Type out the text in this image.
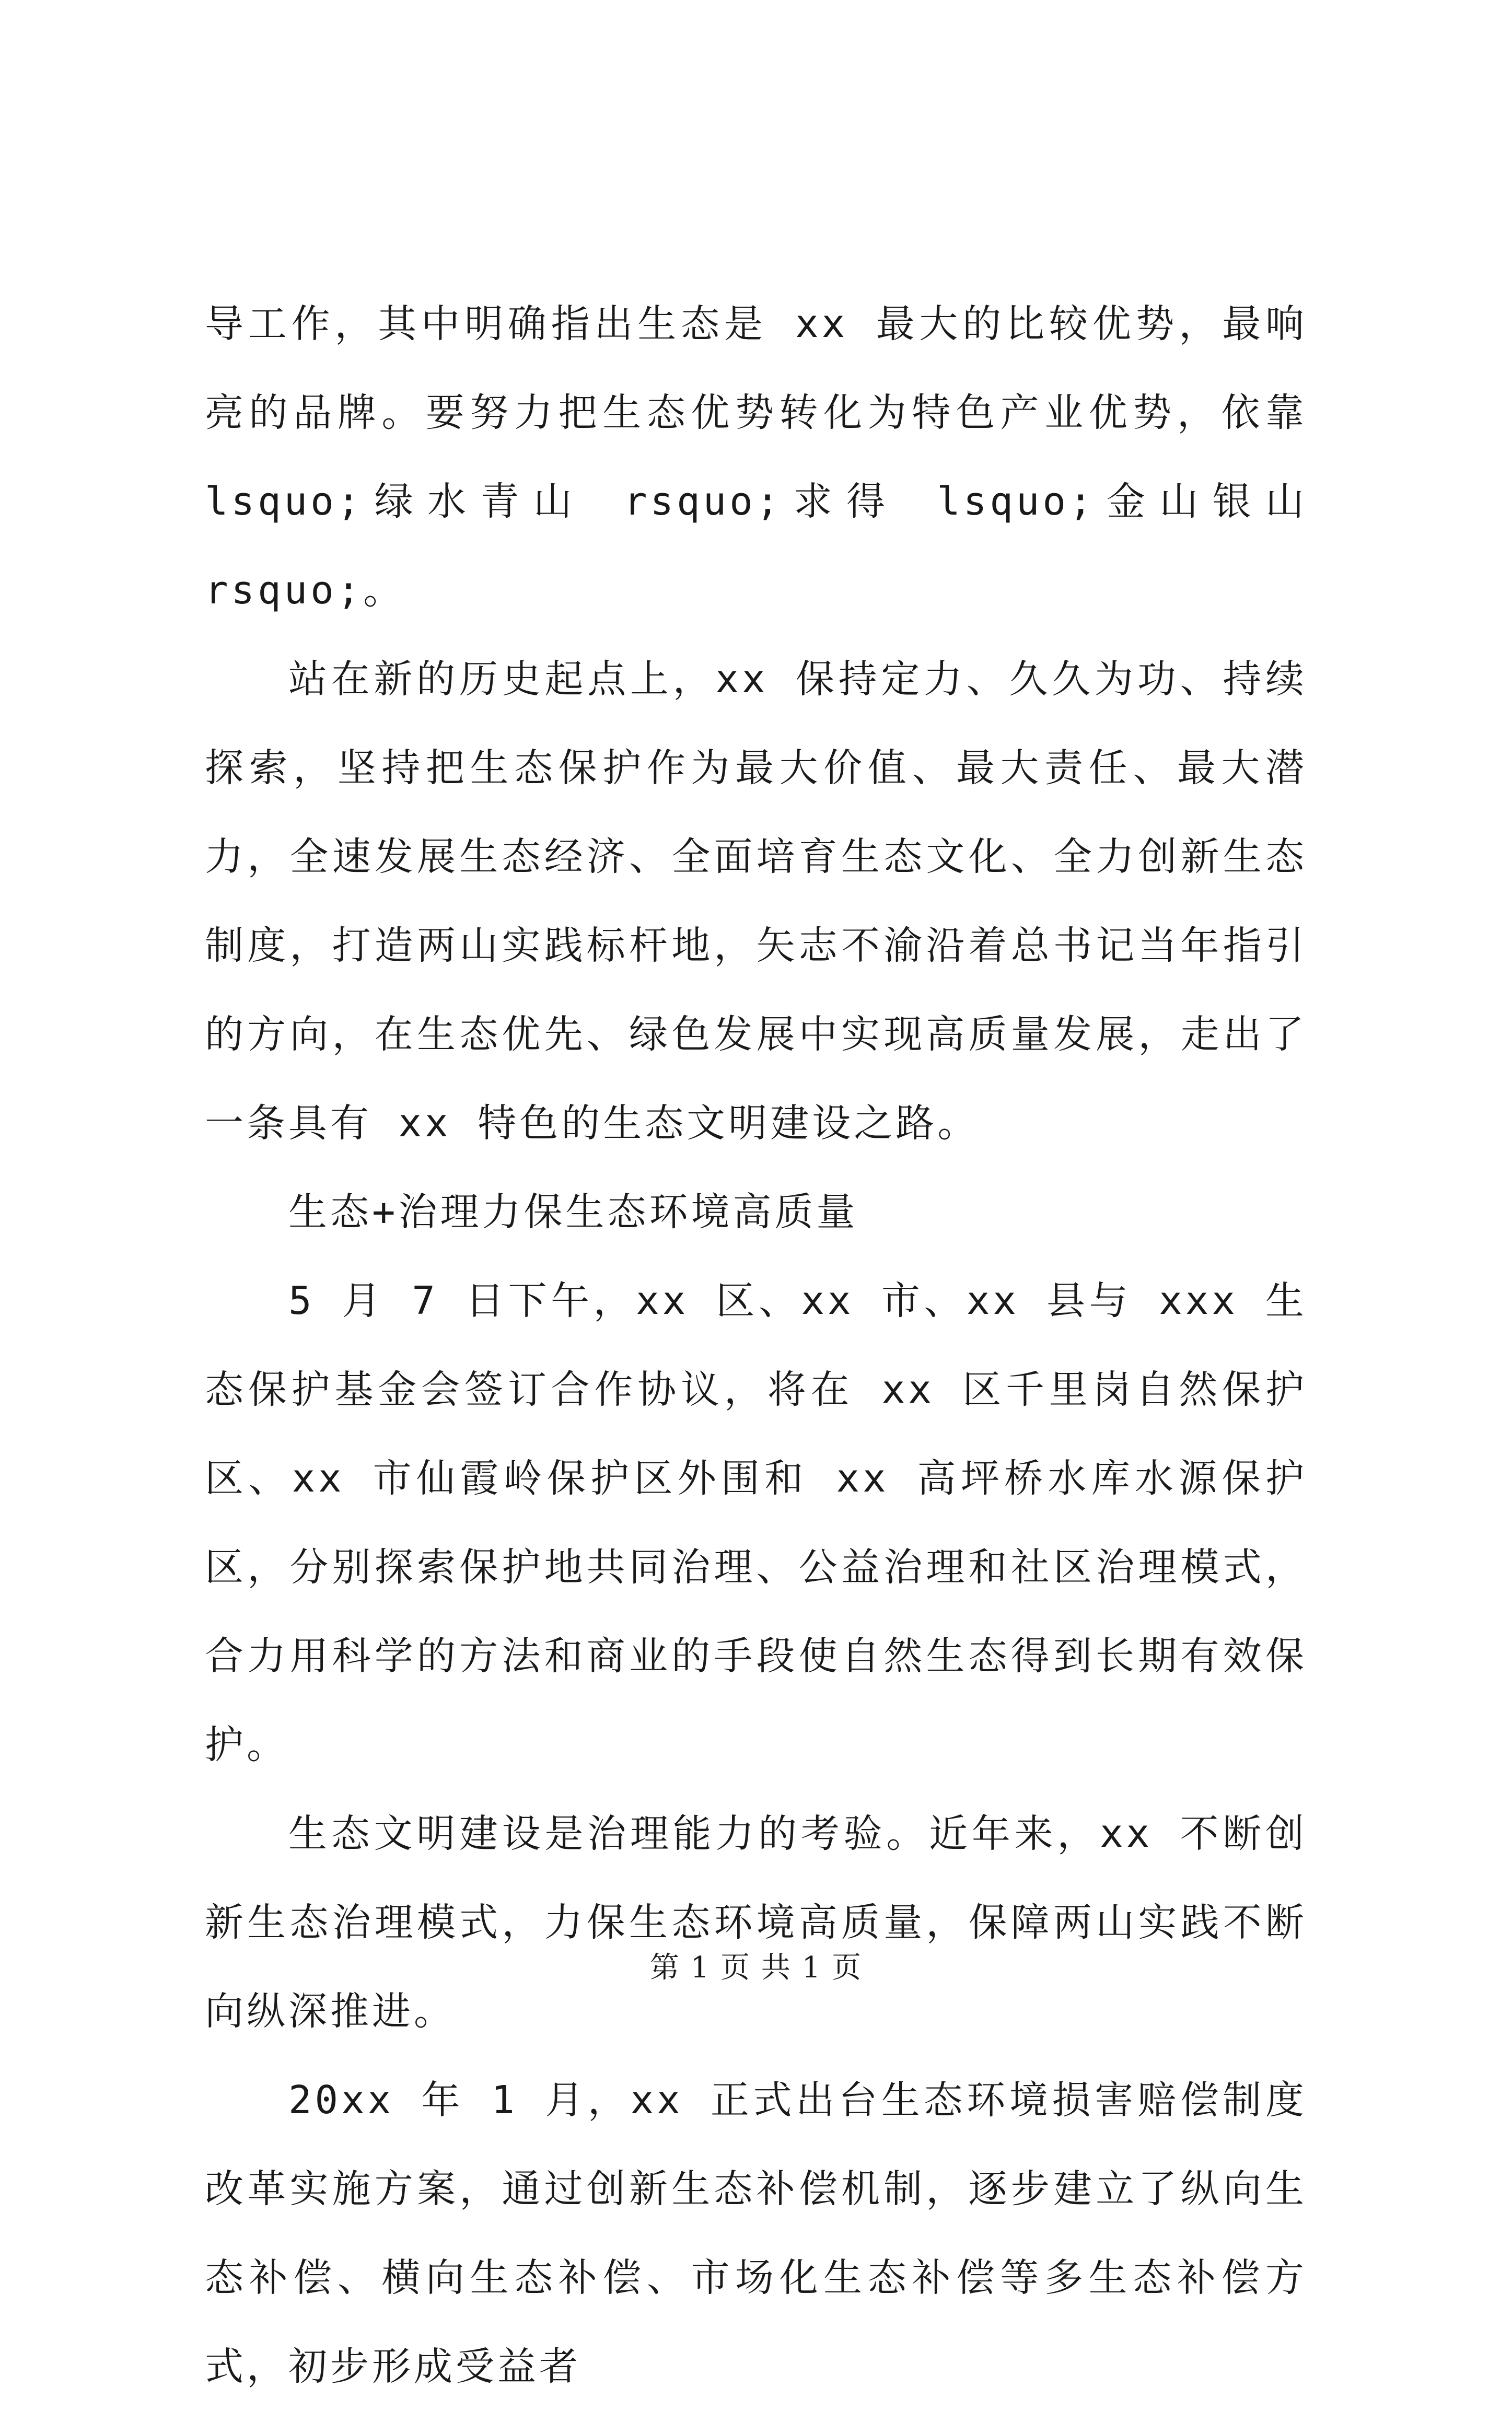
导工作，其中明确指出生态是 xx 最大的比较优势，最响亮的品牌。要努力把生态优势转化为特色产业优势，依靠 lsquo;绿水青山 rsquo;求得 lsquo;金山银山 rsquo;。

站在新的历史起点上，xx 保持定力、久久为功、持续探索，坚持把生态保护作为最大价值、最大责任、最大潜力，全速发展生态经济、全面培育生态文化、全力创新生态制度，打造两山实践标杆地，矢志不渝沿着总书记当年指引的方向，在生态优先、绿色发展中实现高质量发展，走出了一条具有 xx 特色的生态文明建设之路。

生态+治理力保生态环境高质量

5 月 7 日下午，xx 区、xx 市、xx 县与 xxx 生态保护基金会签订合作协议，将在 xx 区千里岗自然保护区、xx 市仙霞岭保护区外围和 xx 高坪桥水库水源保护区，分别探索保护地共同治理、公益治理和社区治理模式，合力用科学的方法和商业的手段使自然生态得到长期有效保护。

生态文明建设是治理能力的考验。近年来，xx 不断创新生态治理模式，力保生态环境高质量，保障两山实践不断向纵深推进。

20xx 年 1 月，xx 正式出台生态环境损害赔偿制度改革实施方案，通过创新生态补偿机制，逐步建立了纵向生态补偿、横向生态补偿、市场化生态补偿等多生态补偿方式，初步形成受益者

第 1 页 共 1 页
